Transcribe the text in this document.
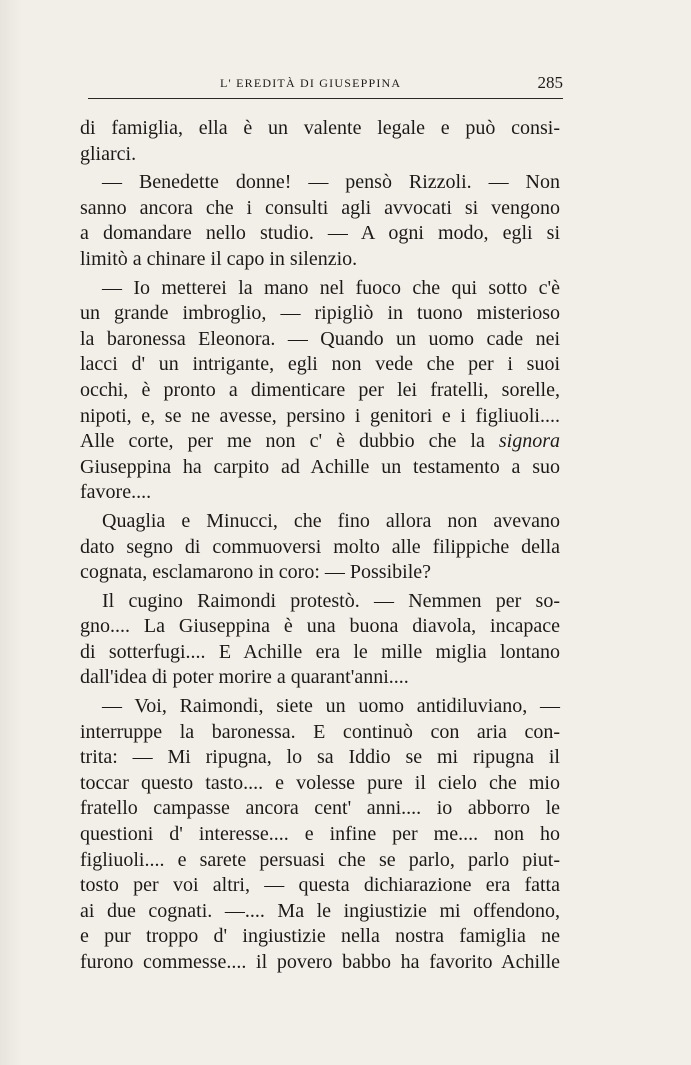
L' EREDITÀ DI GIUSEPPINA	285
di famiglia, ella è un valente legale e può consi-
gliarci.
— Benedette donne! — pensò Rizzoli. — Non
sanno ancora che i consulti agli avvocati si vengono
a domandare nello studio. — A ogni modo, egli si
limitò a chinare il capo in silenzio.
— Io metterei la mano nel fuoco che qui sotto c'è
un grande imbroglio, — ripigliò in tuono misterioso
la baronessa Eleonora. — Quando un uomo cade nei
lacci d' un intrigante, egli non vede che per i suoi
occhi, è pronto a dimenticare per lei fratelli, sorelle,
nipoti, e, se ne avesse, persino i genitori e i figliuoli....
Alle corte, per me non c' è dubbio che la signora
Giuseppina ha carpito ad Achille un testamento a suo
favore....
Quaglia e Minucci, che fino allora non avevano
dato segno di commuoversi molto alle filippiche della
cognata, esclamarono in coro: — Possibile?
Il cugino Raimondi protestò. — Nemmen per so-
gno.... La Giuseppina è una buona diavola, incapace
di sotterfugi.... E Achille era le mille miglia lontano
dall'idea di poter morire a quarant'anni....
— Voi, Raimondi, siete un uomo antidiluviano, —
interruppe la baronessa. E continuò con aria con-
trita: — Mi ripugna, lo sa Iddio se mi ripugna il
toccar questo tasto.... e volesse pure il cielo che mio
fratello campasse ancora cent' anni.... io abborro le
questioni d' interesse.... e infine per me.... non ho
figliuoli.... e sarete persuasi che se parlo, parlo piut-
tosto per voi altri, — questa dichiarazione era fatta
ai due cognati. —.... Ma le ingiustizie mi offendono,
e pur troppo d' ingiustizie nella nostra famiglia ne
furono commesse.... il povero babbo ha favorito Achille
